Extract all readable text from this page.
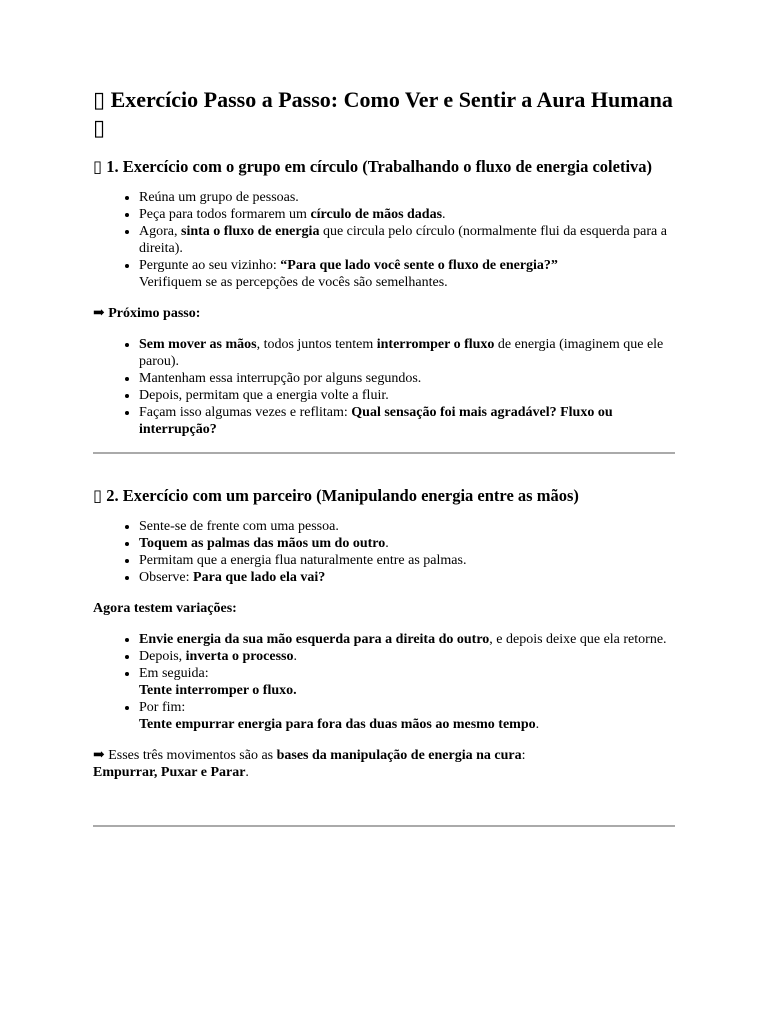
▯ Exercício Passo a Passo: Como Ver e Sentir a Aura Humana ▯
▯ 1. Exercício com o grupo em círculo (Trabalhando o fluxo de energia coletiva)
• Reúna um grupo de pessoas.
• Peça para todos formarem um círculo de mãos dadas.
• Agora, sinta o fluxo de energia que circula pelo círculo (normalmente flui da esquerda para a direita).
• Pergunte ao seu vizinho: “Para que lado você sente o fluxo de energia?”
Verifiquem se as percepções de vocês são semelhantes.

➡ Próximo passo:

• Sem mover as mãos, todos juntos tentem interromper o fluxo de energia (imaginem que ele parou).
• Mantenham essa interrupção por alguns segundos.
• Depois, permitam que a energia volte a fluir.
• Façam isso algumas vezes e reflitam: Qual sensação foi mais agradável? Fluxo ou interrupção?
▯ 2. Exercício com um parceiro (Manipulando energia entre as mãos)
• Sente-se de frente com uma pessoa.
• Toquem as palmas das mãos um do outro.
• Permitam que a energia flua naturalmente entre as palmas.
• Observe: Para que lado ela vai?

Agora testem variações:

• Envie energia da sua mão esquerda para a direita do outro, e depois deixe que ela retorne.
• Depois, inverta o processo.
• Em seguida:
Tente interromper o fluxo.
• Por fim:
Tente empurrar energia para fora das duas mãos ao mesmo tempo.

➡ Esses três movimentos são as bases da manipulação de energia na cura:
Empurrar, Puxar e Parar.
